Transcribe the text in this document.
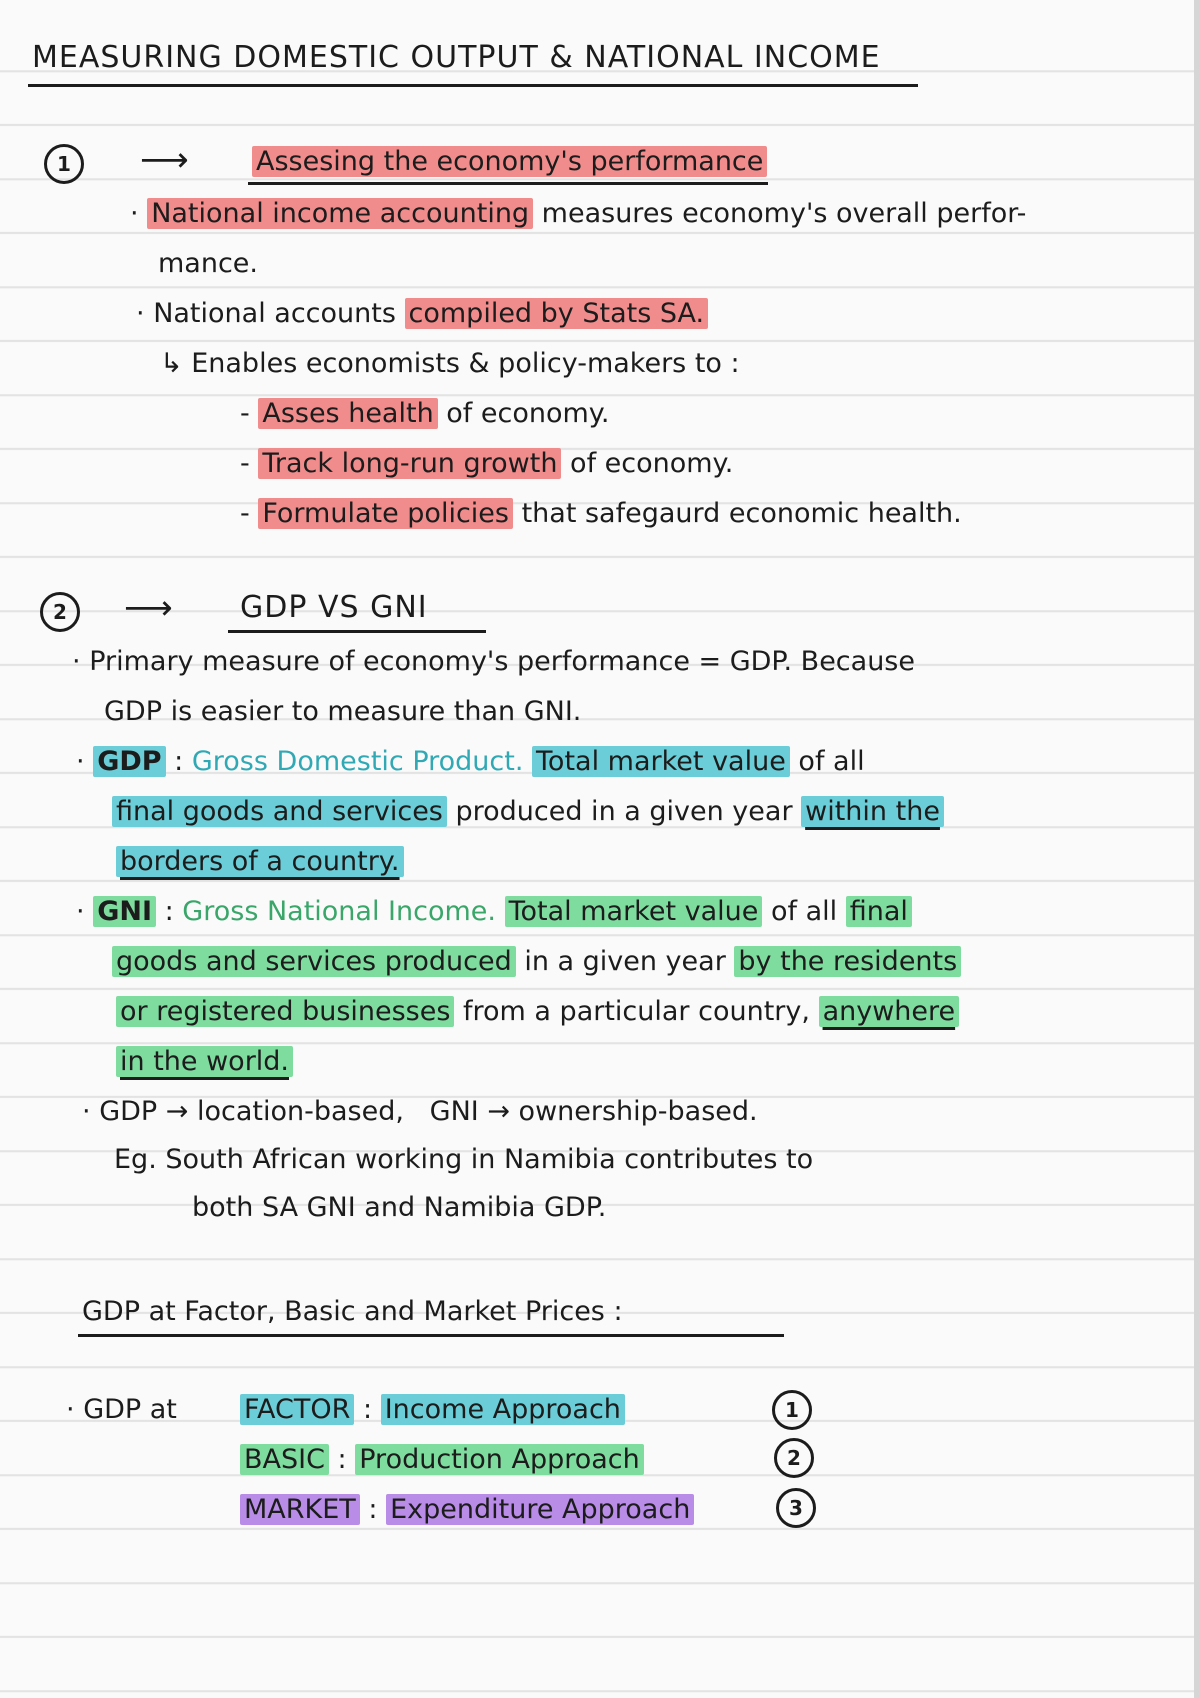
MEASURING DOMESTIC OUTPUT & NATIONAL INCOME
1	⟶ Assesing the economy's performance
· National income accounting measures economy's overall perfor-
mance.
· National accounts compiled by Stats SA.
↳ Enables economists & policy-makers to :
- Asses health of economy.
- Track long-run growth of economy.
- Formulate policies that safegaurd economic health.
2	⟶ GDP VS GNI
· Primary measure of economy's performance = GDP. Because
GDP is easier to measure than GNI.
· GDP : Gross Domestic Product. Total market value of all
final goods and services produced in a given year within the
borders of a country.
· GNI : Gross National Income. Total market value of all final
goods and services produced in a given year by the residents
or registered businesses from a particular country, anywhere
in the world.
· GDP → location-based,   GNI → ownership-based.
Eg. South African working in Namibia contributes to
both SA GNI and Namibia GDP.
GDP at Factor, Basic and Market Prices :
· GDP at FACTOR : Income Approach	1
BASIC : Production Approach	2
MARKET : Expenditure Approach	3
